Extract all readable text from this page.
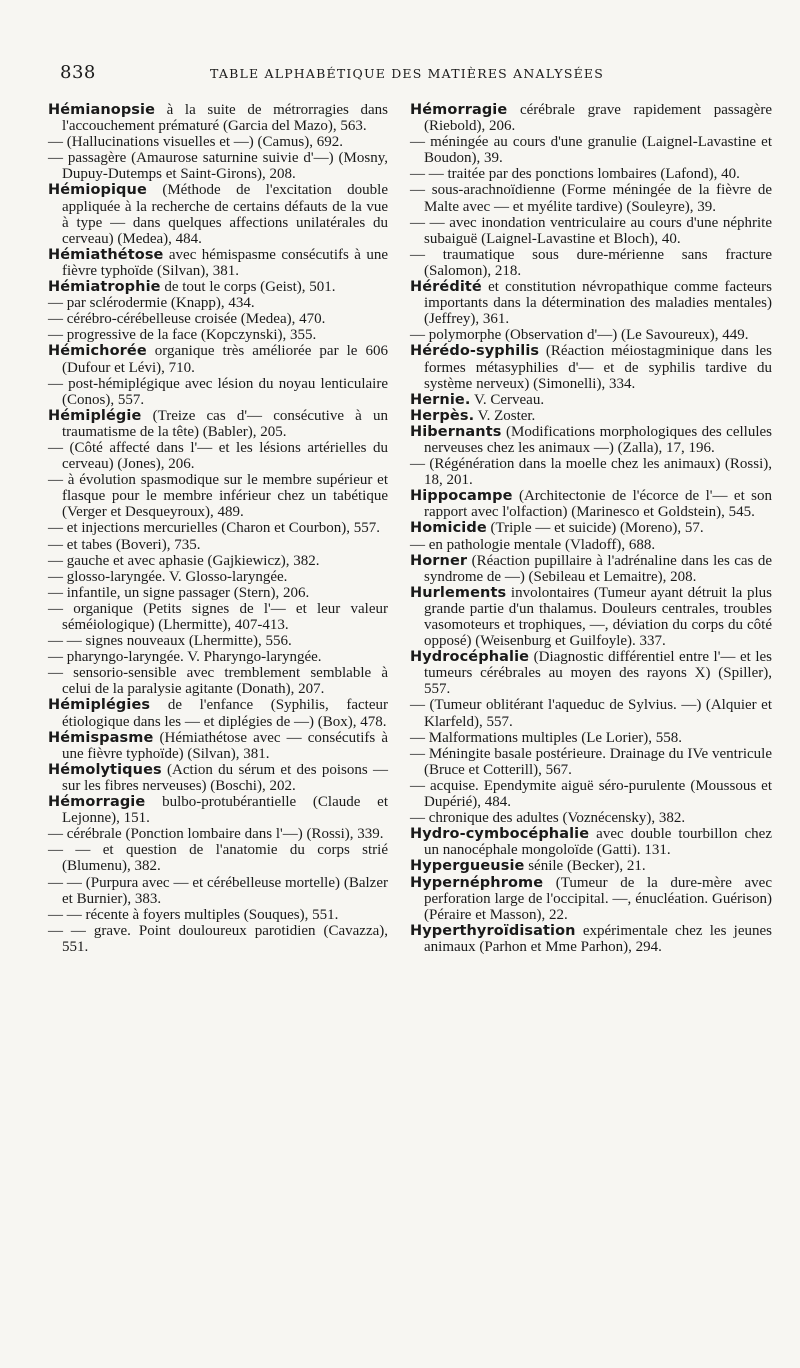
838	TABLE ALPHABÉTIQUE DES MATIÈRES ANALYSÉES

Hémianopsie à la suite de métrorragies dans l'accouchement prématuré (Garcia del Mazo), 563.

— (Hallucinations visuelles et —) (Camus), 692.

— passagère (Amaurose saturnine suivie d'—) (Mosny, Dupuy-Dutemps et Saint-Girons), 208.

Hémiopique (Méthode de l'excitation double appliquée à la recherche de certains défauts de la vue à type — dans quelques affections unilatérales du cerveau) (Medea), 484.

Hémiathétose avec hémispasme consécutifs à une fièvre typhoïde (Silvan), 381.

Hémiatrophie de tout le corps (Geist), 501.

— par sclérodermie (Knapp), 434.

— cérébro-cérébelleuse croisée (Medea), 470.

— progressive de la face (Kopczynski), 355.

Hémichorée organique très améliorée par le 606 (Dufour et Lévi), 710.

— post-hémiplégique avec lésion du noyau lenticulaire (Conos), 557.

Hémiplégie (Treize cas d'— consécutive à un traumatisme de la tête) (Babler), 205.

— (Côté affecté dans l'— et les lésions artérielles du cerveau) (Jones), 206.

— à évolution spasmodique sur le membre supérieur et flasque pour le membre inférieur chez un tabétique (Verger et Desqueyroux), 489.

— et injections mercurielles (Charon et Courbon), 557.

— et tabes (Boveri), 735.

— gauche et avec aphasie (Gajkiewicz), 382.

— glosso-laryngée. V. Glosso-laryngée.

— infantile, un signe passager (Stern), 206.

— organique (Petits signes de l'— et leur valeur séméiologique) (Lhermitte), 407-413.

— — signes nouveaux (Lhermitte), 556.

— pharyngo-laryngée. V. Pharyngo-laryngée.

— sensorio-sensible avec tremblement semblable à celui de la paralysie agitante (Donath), 207.

Hémiplégies de l'enfance (Syphilis, facteur étiologique dans les — et diplégies de —) (Box), 478.

Hémispasme (Hémiathétose avec — consécutifs à une fièvre typhoïde) (Silvan), 381.

Hémolytiques (Action du sérum et des poisons — sur les fibres nerveuses) (Boschi), 202.

Hémorragie bulbo-protubérantielle (Claude et Lejonne), 151.

— cérébrale (Ponction lombaire dans l'—) (Rossi), 339.

— — et question de l'anatomie du corps strié (Blumenu), 382.

— — (Purpura avec — et cérébelleuse mortelle) (Balzer et Burnier), 383.

— — récente à foyers multiples (Souques), 551.

— — grave. Point douloureux parotidien (Cavazza), 551.

Hémorragie cérébrale grave rapidement passagère (Riebold), 206.

— méningée au cours d'une granulie (Laignel-Lavastine et Boudon), 39.

— — traitée par des ponctions lombaires (Lafond), 40.

— sous-arachnoïdienne (Forme méningée de la fièvre de Malte avec — et myélite tardive) (Souleyre), 39.

— — avec inondation ventriculaire au cours d'une néphrite subaiguë (Laignel-Lavastine et Bloch), 40.

— traumatique sous dure-mérienne sans fracture (Salomon), 218.

Hérédité et constitution névropathique comme facteurs importants dans la détermination des maladies mentales) (Jeffrey), 361.

— polymorphe (Observation d'—) (Le Savoureux), 449.

Hérédo-syphilis (Réaction méiostagminique dans les formes métasyphilies d'— et de syphilis tardive du système nerveux) (Simonelli), 334.

Hernie. V. Cerveau.

Herpès. V. Zoster.

Hibernants (Modifications morphologiques des cellules nerveuses chez les animaux —) (Zalla), 17, 196.

— (Régénération dans la moelle chez les animaux) (Rossi), 18, 201.

Hippocampe (Architectonie de l'écorce de l'— et son rapport avec l'olfaction) (Marinesco et Goldstein), 545.

Homicide (Triple — et suicide) (Moreno), 57.

— en pathologie mentale (Vladoff), 688.

Horner (Réaction pupillaire à l'adrénaline dans les cas de syndrome de —) (Sebileau et Lemaitre), 208.

Hurlements involontaires (Tumeur ayant détruit la plus grande partie d'un thalamus. Douleurs centrales, troubles vasomoteurs et trophiques, —, déviation du corps du côté opposé) (Weisenburg et Guilfoyle). 337.

Hydrocéphalie (Diagnostic différentiel entre l'— et les tumeurs cérébrales au moyen des rayons X) (Spiller), 557.

— (Tumeur oblitérant l'aqueduc de Sylvius. —) (Alquier et Klarfeld), 557.

— Malformations multiples (Le Lorier), 558.

— Méningite basale postérieure. Drainage du IVe ventricule (Bruce et Cotterill), 567.

— acquise. Ependymite aiguë séro-purulente (Moussous et Dupérié), 484.

— chronique des adultes (Voznécensky), 382.

Hydro-cymbocéphalie avec double tourbillon chez un nanocéphale mongoloïde (Gatti). 131.

Hypergueusie sénile (Becker), 21.

Hypernéphrome (Tumeur de la dure-mère avec perforation large de l'occipital. —, énucléation. Guérison) (Péraire et Masson), 22.

Hyperthyroïdisation expérimentale chez les jeunes animaux (Parhon et Mme Parhon), 294.
